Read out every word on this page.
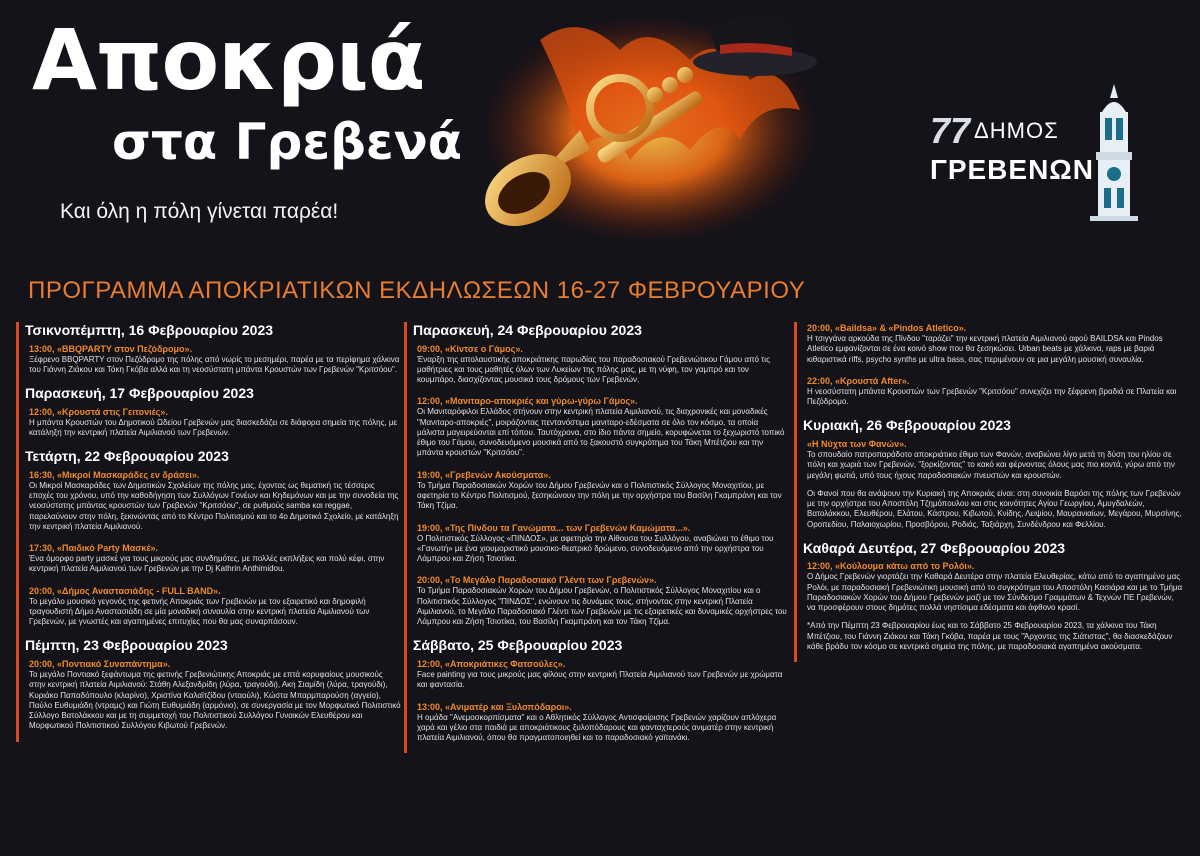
Αποκριά
στα Γρεβενά
Και όλη η πόλη γίνεται παρέα!
77 ΔΗΜΟΣ
ΓΡΕΒΕΝΩΝ
ΠΡΟΓΡΑΜΜΑ ΑΠΟΚΡΙΑΤΙΚΩΝ ΕΚΔΗΛΩΣΕΩΝ 16-27 ΦΕΒΡΟΥΑΡΙΟΥ
Τσικνοπέμπτη, 16 Φεβρουαρίου 2023
13:00, «BBQPARTY στον Πεζόδρομο».
Ξέφρενο BBQPARTY στον Πεζόδρομο της πόλης από νωρίς το μεσημέρι, παρέα με τα περίφημα χάλκινα του Γιάννη Ζιάκου και Τάκη Γκόβα αλλά και τη νεοσύστατη μπάντα Κρουστών των Γρεβενών "Κριτσόου".
Παρασκευή, 17 Φεβρουαρίου 2023
12:00, «Κρουστά στις Γειτονιές».
Η μπάντα Κρουστών του Δημοτικού Ωδείου Γρεβενών μας διασκεδάζει σε διάφορα σημεία της πόλης, με κατάληξη την κεντρική πλατεία Αιμιλιανού των Γρεβενών.
Τετάρτη, 22 Φεβρουαρίου 2023
16:30, «Μικροί Μασκαράδες εν δράσει».
Οι Μικροί Μασκαράδες των Δημοτικών Σχολείων της πόλης μας, έχοντας ως θεματική τις τέσσερις εποχές του χρόνου, υπό την καθοδήγηση των Συλλόγων Γονέων και Κηδεμόνων και με την συνοδεία της νεοσύστατης μπάντας κρουστών των Γρεβενών "Κριτσόου", σε ρυθμούς samba και reggae, παρελαύνουν στην πόλη, ξεκινώντας από το Κέντρο Πολιτισμού και το 4ο Δημοτικό Σχολείο, με κατάληξη την κεντρική πλατεία Αιμιλιανού.
17:30, «Παιδικό Party Μασκέ».
Ένα όμορφο party μασκέ για τους μικρούς μας συνδημότες, με πολλές εκπλήξεις και πολύ κέφι, στην κεντρική πλατεία Αιμιλιανού των Γρεβενών με την Dj Kathrin Anthimidou.
20:00, «Δήμος Αναστασιάδης - FULL BAND».
Το μεγάλο μουσικό γεγονός της φετινής Αποκριάς των Γρεβενών με τον εξαιρετικό και δημοφιλή τραγουδιστή Δήμο Αναστασιάδη σε μία μοναδική συναυλία στην κεντρική πλατεία Αιμιλιανού των Γρεβενών, με γνωστές και αγαπημένες επιτυχίες που θα μας συναρπάσουν.
Πέμπτη, 23 Φεβρουαρίου 2023
20:00, «Ποντιακό Συναπάντημα».
Το μεγάλο Ποντιακό ξεφάντωμα της φετινής Γρεβενιώτικης Αποκριάς με επτά κορυφαίους μουσικούς στην κεντρική πλατεία Αιμιλιανού: Στάθη Αλεξανδρίδη (λύρα, τραγούδι), Ακη Σιαμίδη (λύρα, τραγούδι), Κυριάκο Παπαδόπουλο (κλαρίνο), Χριστίνα Καλαϊτζίδου (νταούλι), Κώστα Μπαρμπαρούση (αγγείο), Παύλο Ευθυμιάδη (ντραμς) και Γιώτη Ευθυμιάδη (αρμόνιο), σε συνεργασία με τον Μορφωτικό Πολιτιστικό Σύλλογο Βατολάκκου και με τη συμμετοχή του Πολιτιστικού Συλλόγου Γυναικών Ελευθέρου και Μορφωτικού Πολιτιστικού Συλλόγου Κιβωτού Γρεβενών.
Παρασκευή, 24 Φεβρουαρίου 2023
09:00, «Κίντσε ο Γάμος».
Έναρξη της απολαυστικής αποκριάτικης παρωδίας του παραδοσιακού Γρεβενιώτικου Γάμου από τις μαθήτριες και τους μαθητές όλων των Λυκείων της πόλης μας, με τη νύφη, τον γαμπρό και τον κουμπάρο, διασχίζοντας μουσικά τους δρόμους των Γρεβενών.
12:00, «Μανιταρο-αποκριές και γύρω-γύρω Γάμος».
Οι Μανιταρόφιλοι Ελλάδος στήνουν στην κεντρική πλατεία Αιμιλιανού, τις διαχρονικές και μοναδικές "Μανιταρο-αποκριές", μοιράζοντας πεντανόστιμα μανιταρο-εδέσματα σε όλο τον κόσμο, τα οποία μάλιστα μαγειρεύονται επί τόπου. Ταυτόχρονα, στο ίδιο πάντα σημείο, κορυφώνεται το ξεχωριστό τοπικό έθιμο του Γάμου, συνοδευόμενο μουσικά από το ξακουστό συγκρότημα του Τάκη Μπέτζιου και την μπάντα κρουστών "Κριτσόου".
19:00, «Γρεβενών Ακούσματα».
Το Τμήμα Παραδοσιακών Χορών του Δήμου Γρεβενών και ο Πολιτιστικός Σύλλογος Μοναχιτίου, με αφετηρία το Κέντρο Πολιτισμού, ξεσηκώνουν την πόλη με την ορχήστρα του Βασίλη Γκαμπράνη και τον Τάκη Τζίμα.
19:00, «Της Πίνδου τα Γανώματα... των Γρεβενών Καμώματα...».
Ο Πολιτιστικός Σύλλογος «ΠΙΝΔΟΣ», με αφετηρία την Αίθουσα του Συλλόγου, αναβιώνει το έθιμο του «Γανωτή» με ένα χιουμοριστικό μουσικο-θεατρικό δρώμενο, συνοδευόμενο από την ορχήστρα του Λάμπρου και Ζήση Τσιοτίκα.
20:00, «Το Μεγάλο Παραδοσιακό Γλέντι των Γρεβενών».
Το Τμήμα Παραδοσιακών Χορών του Δήμου Γρεβενών, ο Πολιτιστικός Σύλλογος Μοναχιτίου και ο Πολιτιστικός Σύλλογος "ΠΙΝΔΟΣ", ενώνουν τις δυνάμεις τους, στήνοντας στην κεντρική Πλατεία Αιμιλιανού, το Μεγάλο Παραδοσιακό Γλέντι των Γρεβενών με τις εξαιρετικές και δυναμικές ορχήστρες του Λάμπρου και Ζήση Τσιοτίκα, του Βασίλη Γκαμπράνη και τον Τάκη Τζίμα.
Σάββατο, 25 Φεβρουαρίου 2023
12:00, «Αποκριάτικες Φατσούλες».
Face painting για τους μικρούς μας φίλους στην κεντρική Πλατεία Αιμιλιανού των Γρεβενών με χρώματα και φαντασία.
13:00, «Ανιματέρ και Ξυλοπόδαροι».
Η ομάδα "Ανεμοσκορπίσματα" και ο Αθλητικός Σύλλογος Αντισφαίρισης Γρεβενών χαρίζουν απλόχερα χαρά και γέλιο στα παιδιά με αποκριάτικους ξυλοπόδαρους και φανταχτερούς ανιματέρ στην κεντρική πλατεία Αιμιλιανού, όπου θα πραγματοποιηθεί και το παραδοσιακό γαϊτανάκι.
20:00, «Baildsa» & «Pindos Atletico».
Η τσιγγάνα αρκούδα της Πίνδου "ταράζει" την κεντρική πλατεία Αιμιλιανού αφού BAILDSA και Pindos Atletico εμφανίζονται σε ένα κοινό show που θα ξεσηκώσει. Urban beats με χάλκινα, raps με βαριά κιθαριστικά riffs, psycho synths με ultra bass, σας περιμένουν σε μια μεγάλη μουσική συναυλία.
22:00, «Κρουστά After».
Η νεοσύστατη μπάντα Κρουστών των Γρεβενών "Κριτσόου" συνεχίζει την ξέφρενη βραδιά σε Πλατεία και Πεζόδρομο.
Κυριακή, 26 Φεβρουαρίου 2023
«Η Νύχτα των Φανών».
Το σπουδαίο πατροπαράδοτο αποκριάτικο έθιμο των Φανών, αναβιώνει λίγο μετά τη δύση του ηλίου σε πόλη και χωριά των Γρεβενών, "ξορκίζοντας" το κακό και φέρνοντας όλους μας πιο κοντά, γύρω από την μεγάλη φωτιά, υπό τους ήχους παραδοσιακών πνευστών και κρουστών.
Οι Φανοί που θα ανάψουν την Κυριακή της Αποκριάς είναι: στη συνοικία Βαρόσι της πόλης των Γρεβενών με την ορχήστρα του Αποστόλη Τζημόπουλου και στις κοινότητες Αγίου Γεωργίου, Αμυγδαλεών, Βατολάκκου, Ελευθέρου, Ελάτου, Κάστρου, Κιβωτού, Κνίδης, Λειψίου, Μαυρανιαίων, Μεγάρου, Μυρσίνης, Οροπεδίου, Παλαιοχωρίου, Προσβόρου, Ροδιάς, Ταξιάρχη, Συνδένδρου και Φελλίου.
Καθαρά Δευτέρα, 27 Φεβρουαρίου 2023
12:00, «Κούλουμα κάτω από το Ρολόι».
Ο Δήμος Γρεβενών γιορτάζει την Καθαρά Δευτέρα στην πλατεία Ελευθερίας, κάτω από το αγαπημένο μας Ρολόι, με παραδοσιακή Γρεβενιώτικη μουσική από το συγκρότημα του Αποστόλη Κασιάρα και με το Τμήμα Παραδοσιακών Χορών του Δήμου Γρεβενών μαζί με τον Σύνδεσμο Γραμμάτων & Τεχνών ΠΕ Γρεβενών, να προσφέρουν στους δημότες πολλά νηστίσιμα εδέσματα και άφθονο κρασί.
*Από την Πέμπτη 23 Φεβρουαρίου έως και το Σάββατο 25 Φεβρουαρίου 2023, τα χάλκινα του Τάκη Μπέτζιου, του Γιάννη Ζιάκου και Τάκη Γκόβα, παρέα με τους "Άρχοντες της Σιάτιστας", θα διασκεδάζουν κάθε βράδυ τον κόσμο σε κεντρικά σημεία της πόλης, με παραδοσιακά αγαπημένα ακούσματα.
